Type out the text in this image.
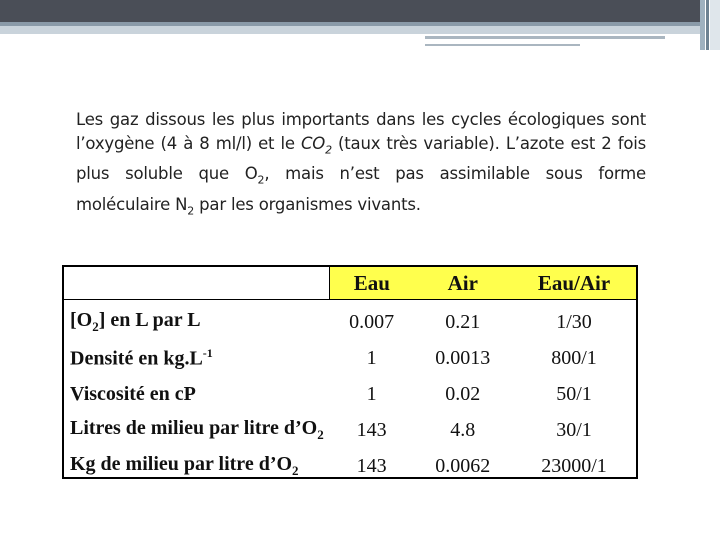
Les gaz dissous les plus importants dans les cycles écologiques sont l’oxygène (4 à 8 ml/l) et le $CO_2$ (taux très variable). L’azote est 2 fois plus soluble que $O_2$, mais n’est pas assimilable sous forme moléculaire $N_2$ par les organismes vivants.
	Eau	Air	Eau/Air
$[O_2]$ en L par L	0.007	0.21	1/30
Densité en $kg.L^{-1}$	1	0.0013	800/1
Viscosité en cP	1	0.02	50/1
Litres de milieu par litre $d’O_2$	143	4.8	30/1
Kg de milieu par litre $d’O_2$	143	0.0062	23000/1
